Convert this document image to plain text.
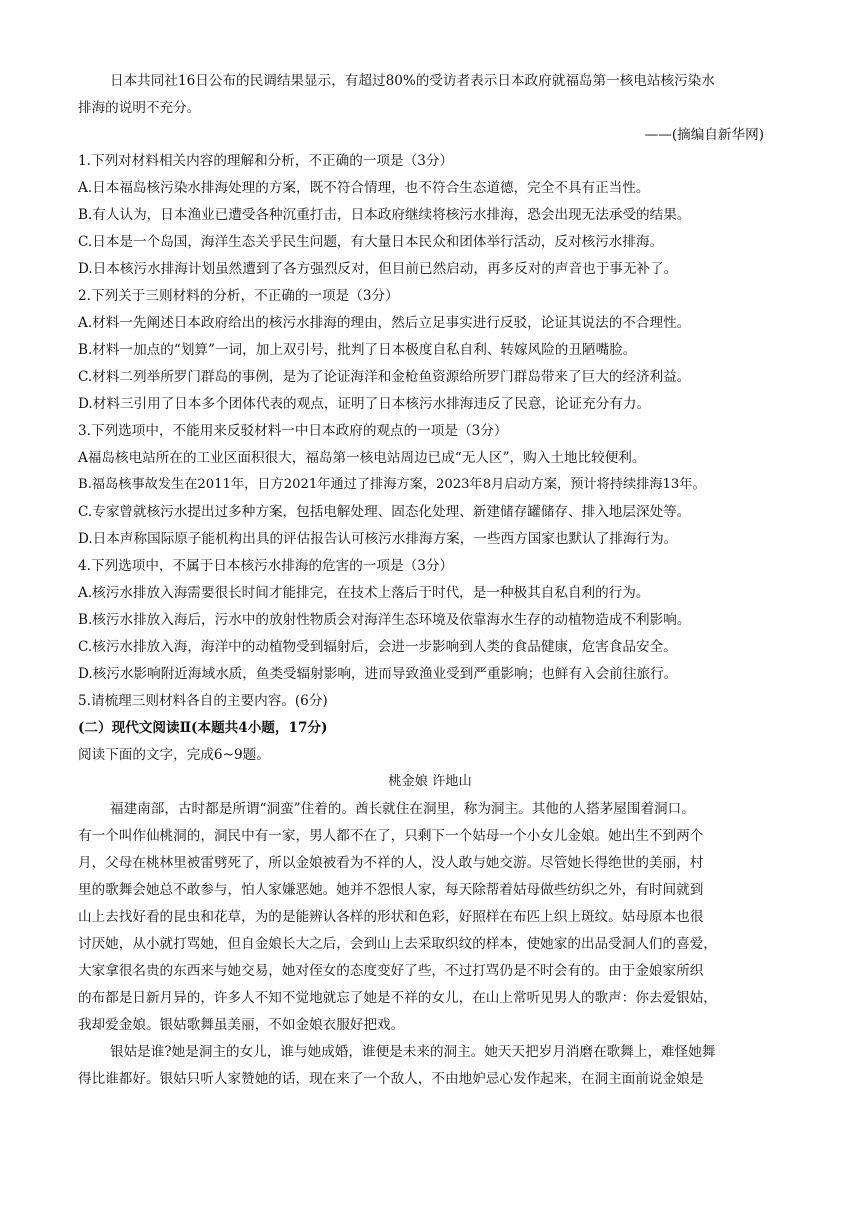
日本共同社16日公布的民调结果显示，有超过80%的受访者表示日本政府就福岛第一核电站核污染水
排海的说明不充分。
——(摘编自新华网)
1.下列对材料相关内容的理解和分析，不正确的一项是（3分）
A.日本福岛核污染水排海处理的方案，既不符合情理，也不符合生态道德，完全不具有正当性。
B.有人认为，日本渔业已遭受各种沉重打击，日本政府继续将核污水排海，恐会出现无法承受的结果。
C.日本是一个岛国，海洋生态关乎民生问题，有大量日本民众和团体举行活动，反对核污水排海。
D.日本核污水排海计划虽然遭到了各方强烈反对，但目前已然启动，再多反对的声音也于事无补了。
2.下列关于三则材料的分析，不正确的一项是（3分）
A.材料一先阐述日本政府给出的核污水排海的理由，然后立足事实进行反驳，论证其说法的不合理性。
B.材料一加点的“划算”一词，加上双引号，批判了日本极度自私自利、转嫁风险的丑陋嘴脸。
C.材料二列举所罗门群岛的事例，是为了论证海洋和金枪鱼资源给所罗门群岛带来了巨大的经济利益。
D.材料三引用了日本多个团体代表的观点，证明了日本核污水排海违反了民意，论证充分有力。
3.下列选项中，不能用来反驳材料一中日本政府的观点的一项是（3分）
A福岛核电站所在的工业区面积很大，福岛第一核电站周边已成“无人区”，购入土地比较便利。
B.福岛核事故发生在2011年，日方2021年通过了排海方案，2023年8月启动方案，预计将持续排海13年。
C.专家曾就核污水提出过多种方案，包括电解处理、固态化处理、新建储存罐储存、排入地层深处等。
D.日本声称国际原子能机构出具的评估报告认可核污水排海方案，一些西方国家也默认了排海行为。
4.下列选项中，不属于日本核污水排海的危害的一项是（3分）
A.核污水排放入海需要很长时间才能排完，在技术上落后于时代，是一种极其自私自利的行为。
B.核污水排放入海后，污水中的放射性物质会对海洋生态环境及依靠海水生存的动植物造成不利影响。
C.核污水排放入海，海洋中的动植物受到辐射后，会进一步影响到人类的食品健康，危害食品安全。
D.核污水影响附近海域水质，鱼类受辐射影响，进而导致渔业受到严重影响；也鲜有入会前往旅行。
5.请梳理三则材料各自的主要内容。(6分)
(二）现代文阅读Ⅱ(本题共4小题，17分)
阅读下面的文字，完成6~9题。
桃金娘 许地山
福建南部，古时都是所谓“洞蛮”住着的。酋长就住在洞里，称为洞主。其他的人搭茅屋围着洞口。
有一个叫作仙桃洞的，洞民中有一家，男人都不在了，只剩下一个姑母一个小女儿金娘。她出生不到两个
月，父母在桃林里被雷劈死了，所以金娘被看为不祥的人，没人敢与她交游。尽管她长得绝世的美丽，村
里的歌舞会她总不敢参与，怕人家嫌恶她。她并不怨恨人家，每天除帮着姑母做些纺织之外，有时间就到
山上去找好看的昆虫和花草，为的是能辨认各样的形状和色彩，好照样在布匹上织上斑纹。姑母原本也很
讨厌她，从小就打骂她，但自金娘长大之后，会到山上去采取织纹的样本，使她家的出品受洞人们的喜爱，
大家拿很名贵的东西来与她交易，她对侄女的态度变好了些，不过打骂仍是不时会有的。由于金娘家所织
的布都是日新月异的，许多人不知不觉地就忘了她是不祥的女儿，在山上常听见男人的歌声：你去爱银姑，
我却爱金娘。银姑歌舞虽美丽，不如金娘衣服好把戏。
银姑是谁?她是洞主的女儿，谁与她成婚，谁便是未来的洞主。她天天把岁月消磨在歌舞上，难怪她舞
得比谁都好。银姑只听人家赞她的话，现在来了一个敌人，不由地妒忌心发作起来，在洞主面前说金娘是
